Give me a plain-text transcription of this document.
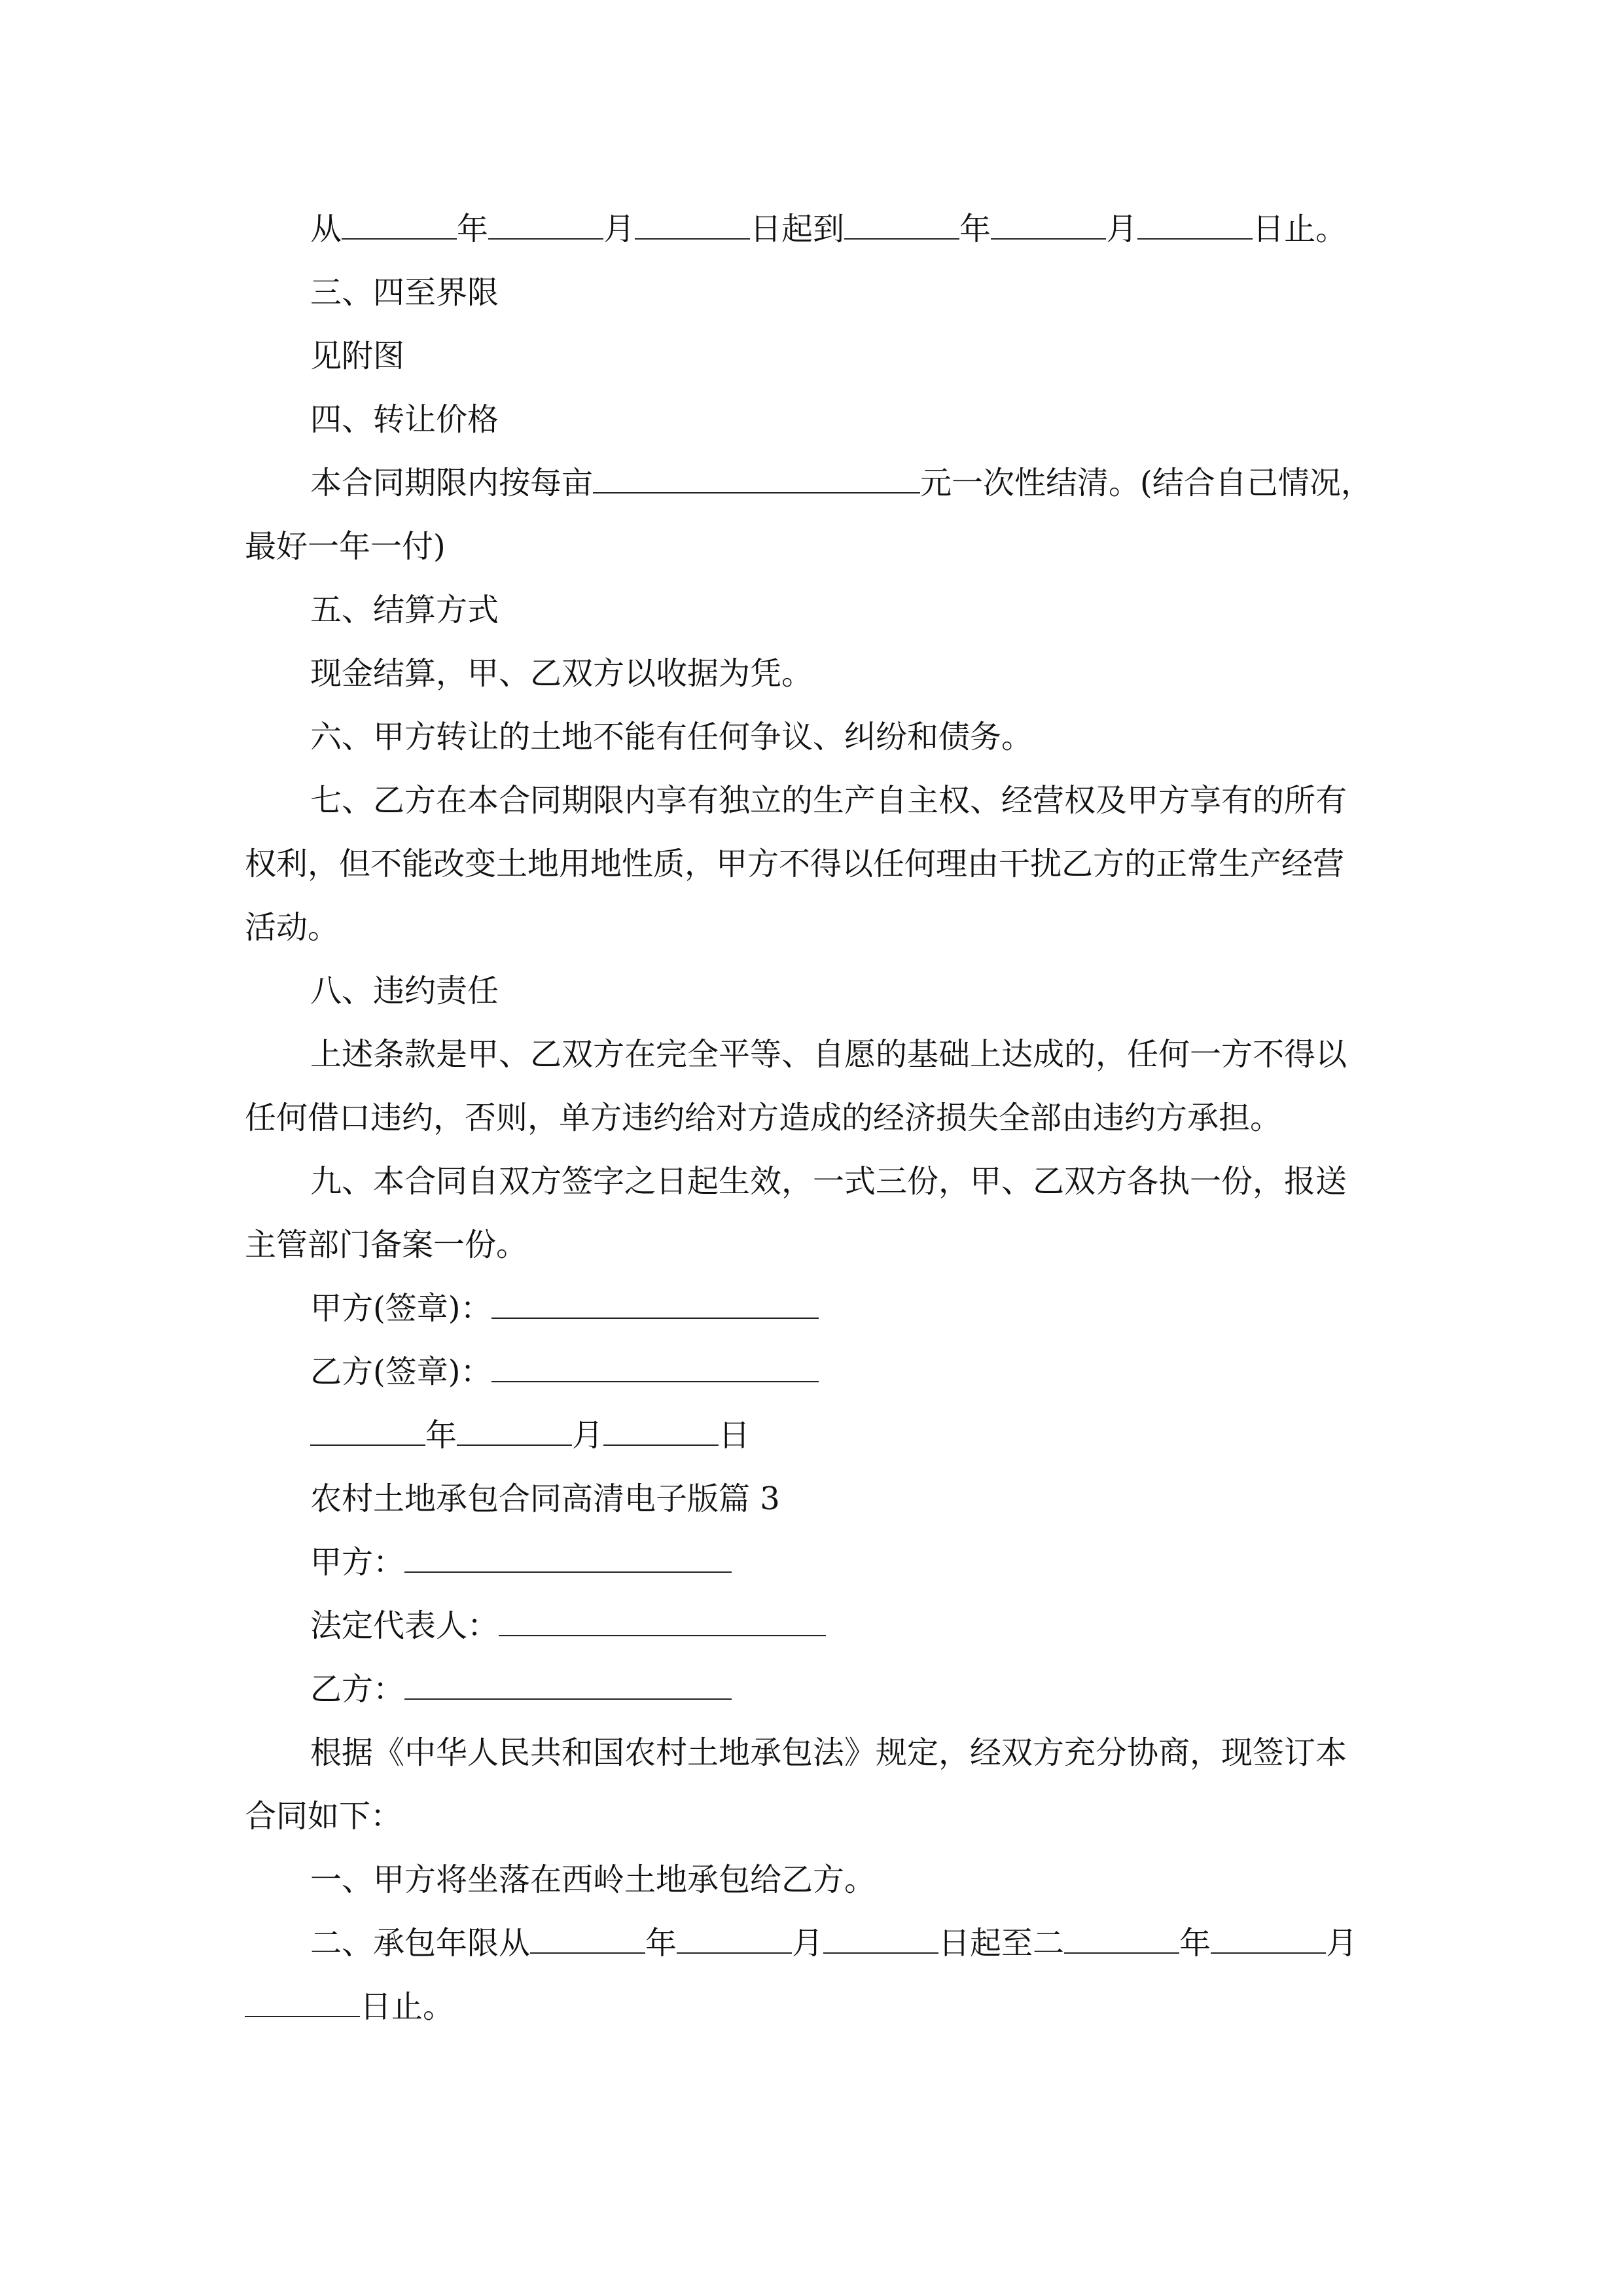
从	年	月	日起到	年	月	日止。
三、四至界限
见附图
四、转让价格
本合同期限内按每亩	元一次性结清。(结合自己情况，
最好一年一付)
五、结算方式
现金结算，甲、乙双方以收据为凭。
六、甲方转让的土地不能有任何争议、纠纷和债务。
七、乙方在本合同期限内享有独立的生产自主权、经营权及甲方享有的所有
权利，但不能改变土地用地性质，甲方不得以任何理由干扰乙方的正常生产经营
活动。
八、违约责任
上述条款是甲、乙双方在完全平等、自愿的基础上达成的，任何一方不得以
任何借口违约，否则，单方违约给对方造成的经济损失全部由违约方承担。
九、本合同自双方签字之日起生效，一式三份，甲、乙双方各执一份，报送
主管部门备案一份。
甲方(签章)：
乙方(签章)：
年	月	日
农村土地承包合同高清电子版篇 3
甲方：
法定代表人：
乙方：
根据《中华人民共和国农村土地承包法》规定，经双方充分协商，现签订本
合同如下：
一、甲方将坐落在西岭土地承包给乙方。
二、承包年限从	年	月	日起至二	年	月
日止。
